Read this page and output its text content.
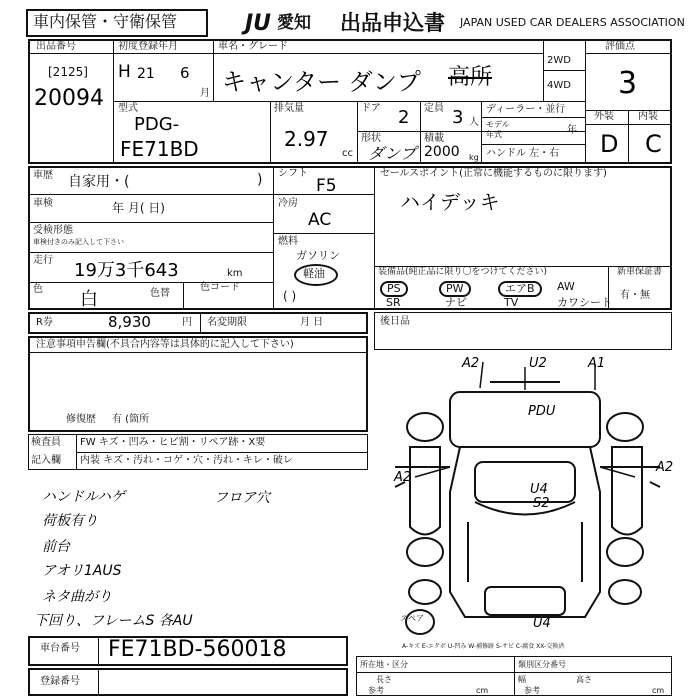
車内保管・守衛保管	JU 愛知 出品申込書 JAPAN USED CAR DEALERS ASSOCIATION
出品番号
[2125]
20094
初度登録年月
H 21 6
月
車名・グレード
キャンター ダンプ 高所
2WD
4WD
評価点
3
外装 内装
D C
型式
PDG-
FE71BD
排気量
2.97
cc
ドア 2 定員 3 人
ディーラー・並行
モデル
年式	年
形状
ダンプ
積載
2000 kg ハンドル 左・右
車歴 自家用・(	)
車検	年 月( 日)
受検形態
車検付きのみ記入して下さい
走行 19万3千643	km
色 白	色替
色コード
シフト
F5
冷房
AC
燃料
ガソリン
軽油
( )
セールスポイント(正常に機能するものに限ります)
ハイデッキ
装備品(純正品に限り〇をつけてください)	新車保証書
有・無
PS	PW	エアB	AW
SR	ナビ	TV	カワシート
R券	8,930	円 名変期限	月 日	後日品
注意事項申告欄(不具合内容等は具体的に記入して下さい)
修復歴 有 (箇所
検査員
記入欄
FW キズ・凹み・ヒビ割・リペア跡・X要
内装 キズ・汚れ・コゲ・穴・汚れ・キレ・破レ
ハンドルハゲ
荷板有り
前台
アオリ1AUS
ネタ曲がり
下回り、フレームS 各AU
フロア穴
A2	U2	A1
PDU
A2
A2
U4
S2
U4
スペア
A-キズ E-エクボ U-凹み W-補修跡 S-サビ C-腐食 XX-交換済
車台番号 FE71BD-560018
登録番号
所在地・区分	類別区分番号
長さ	幅
参考	参考
cm
高さ
cm
